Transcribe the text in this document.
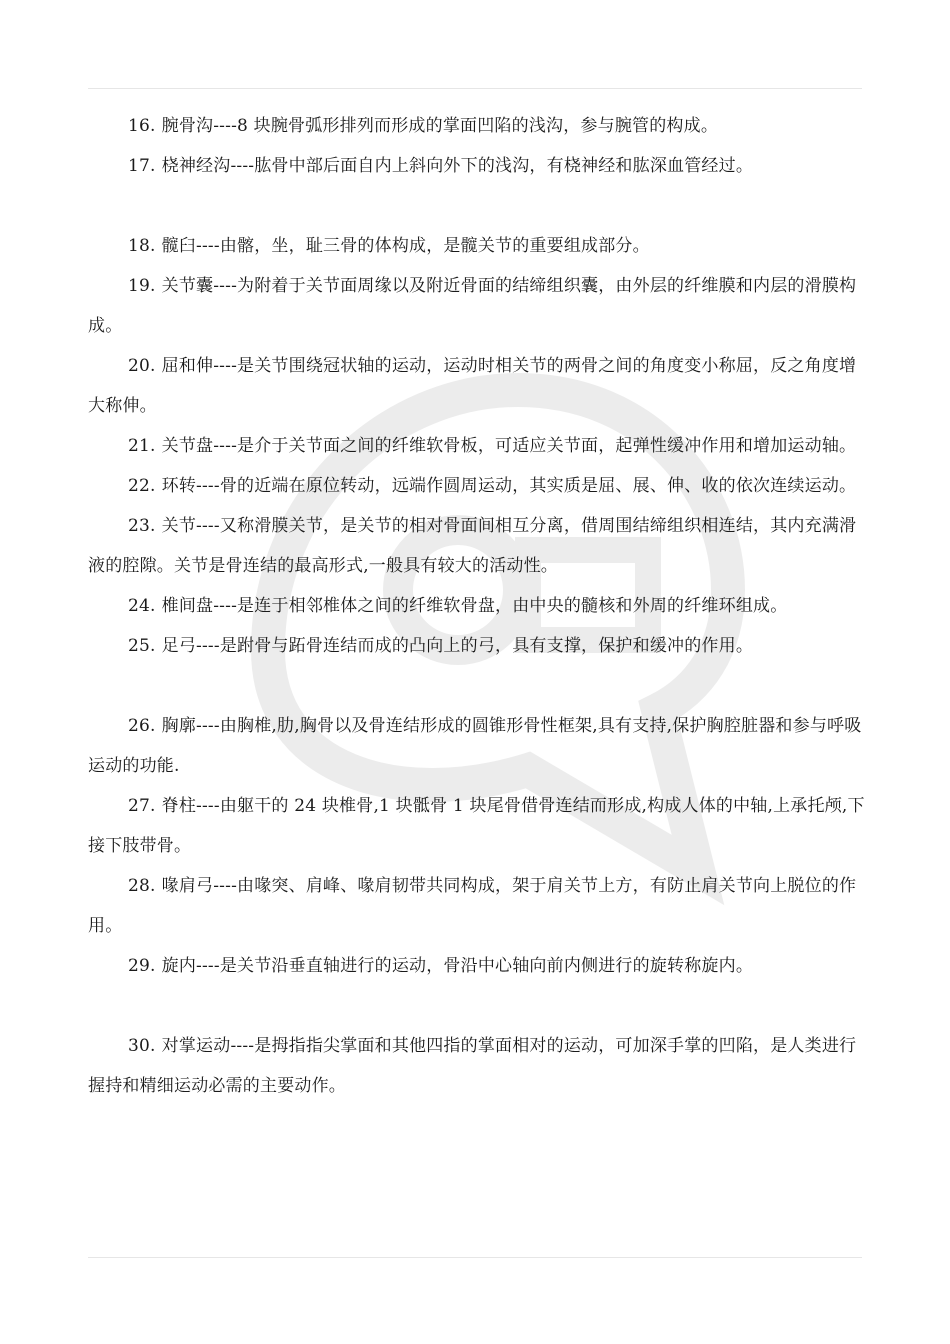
16. 腕骨沟----8 块腕骨弧形排列而形成的掌面凹陷的浅沟，参与腕管的构成。

17. 桡神经沟----肱骨中部后面自内上斜向外下的浅沟，有桡神经和肱深血管经过。

18. 髋臼----由髂，坐，耻三骨的体构成，是髋关节的重要组成部分。

19. 关节囊----为附着于关节面周缘以及附近骨面的结缔组织囊，由外层的纤维膜和内层的滑膜构成。

20. 屈和伸----是关节围绕冠状轴的运动，运动时相关节的两骨之间的角度变小称屈，反之角度增大称伸。

21. 关节盘----是介于关节面之间的纤维软骨板，可适应关节面，起弹性缓冲作用和增加运动轴。

22. 环转----骨的近端在原位转动，远端作圆周运动，其实质是屈、展、伸、收的依次连续运动。

23. 关节----又称滑膜关节，是关节的相对骨面间相互分离，借周围结缔组织相连结，其内充满滑液的腔隙。关节是骨连结的最高形式,一般具有较大的活动性。

24. 椎间盘----是连于相邻椎体之间的纤维软骨盘，由中央的髓核和外周的纤维环组成。

25. 足弓----是跗骨与跖骨连结而成的凸向上的弓，具有支撑，保护和缓冲的作用。

26. 胸廓----由胸椎,肋,胸骨以及骨连结形成的圆锥形骨性框架,具有支持,保护胸腔脏器和参与呼吸运动的功能.

27. 脊柱----由躯干的 24 块椎骨,1 块骶骨 1 块尾骨借骨连结而形成,构成人体的中轴,上承托颅,下接下肢带骨。

28. 喙肩弓----由喙突、肩峰、喙肩韧带共同构成，架于肩关节上方，有防止肩关节向上脱位的作用。

29. 旋内----是关节沿垂直轴进行的运动，骨沿中心轴向前内侧进行的旋转称旋内。

30. 对掌运动----是拇指指尖掌面和其他四指的掌面相对的运动，可加深手掌的凹陷，是人类进行握持和精细运动必需的主要动作。
